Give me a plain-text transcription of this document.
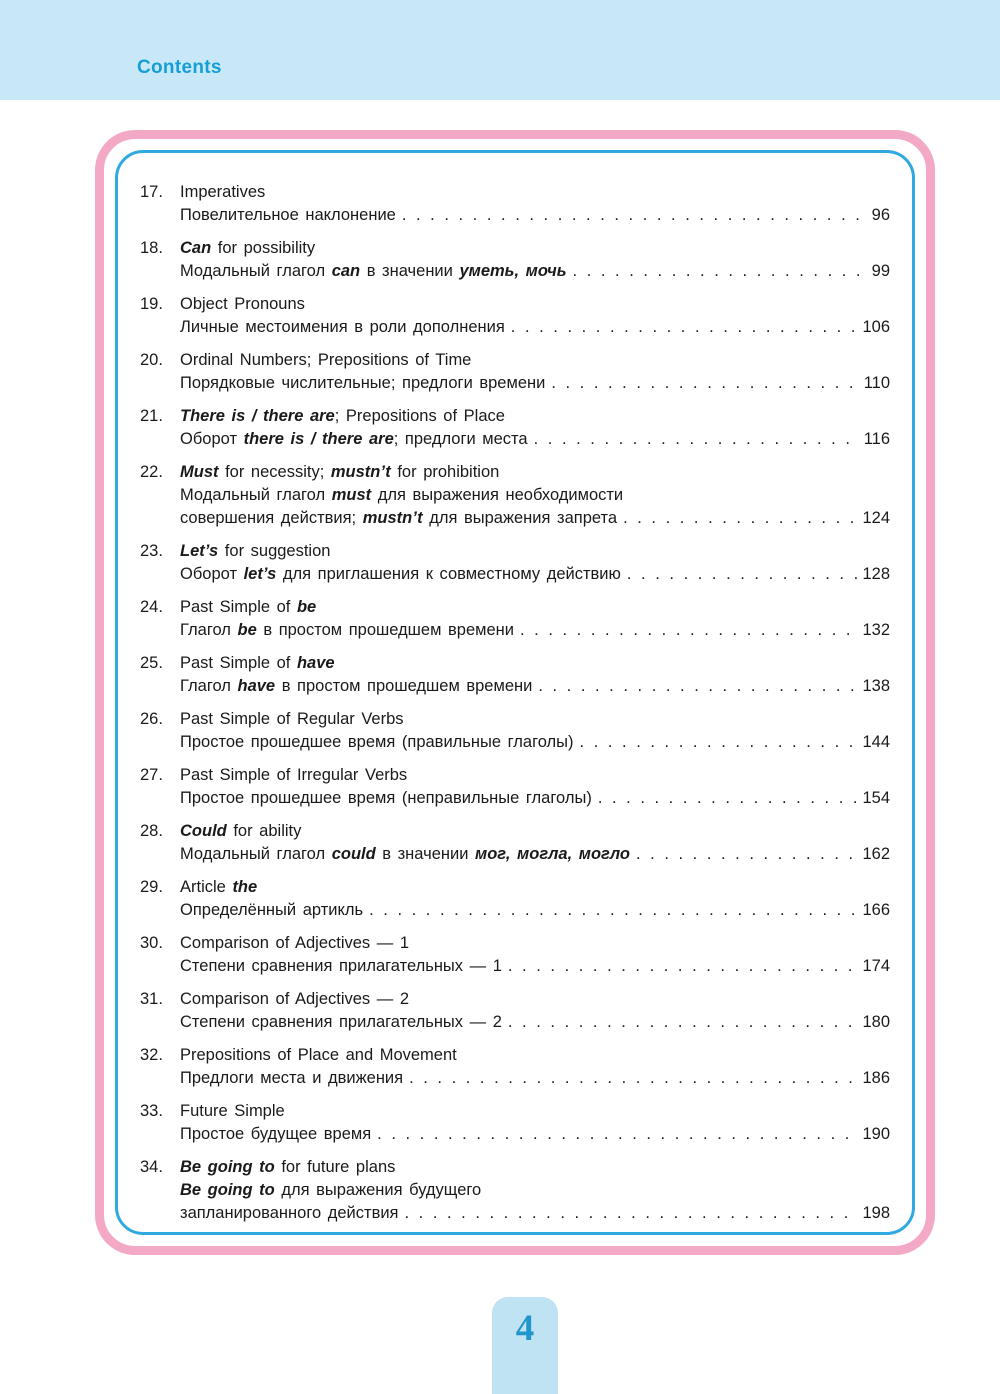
Contents
17.	Imperatives
Повелительное наклонение . . .	96
18.	Can for possibility
Модальный глагол can в значении уметь, мочь . . .	99
19.	Object Pronouns
Личные местоимения в роли дополнения . . .	106
20.	Ordinal Numbers; Prepositions of Time
Порядковые числительные; предлоги времени . . .	110
21.	There is / there are; Prepositions of Place
Оборот there is / there are; предлоги места . . .	116
22.	Must for necessity; mustn’t for prohibition
Модальный глагол must для выражения необходимости
совершения действия; mustn’t для выражения запрета . . .	124
23.	Let’s for suggestion
Оборот let’s для приглашения к совместному действию . . .	128
24.	Past Simple of be
Глагол be в простом прошедшем времени . . .	132
25.	Past Simple of have
Глагол have в простом прошедшем времени . . .	138
26.	Past Simple of Regular Verbs
Простое прошедшее время (правильные глаголы) . . .	144
27.	Past Simple of Irregular Verbs
Простое прошедшее время (неправильные глаголы) . . .	154
28.	Could for ability
Модальный глагол could в значении мог, могла, могло . . .	162
29.	Article the
Определённый артикль . . .	166
30.	Comparison of Adjectives — 1
Степени сравнения прилагательных — 1 . . .	174
31.	Comparison of Adjectives — 2
Степени сравнения прилагательных — 2 . . .	180
32.	Prepositions of Place and Movement
Предлоги места и движения . . .	186
33.	Future Simple
Простое будущее время . . .	190
34.	Be going to for future plans
Be going to для выражения будущего
запланированного действия . . .	198
4
